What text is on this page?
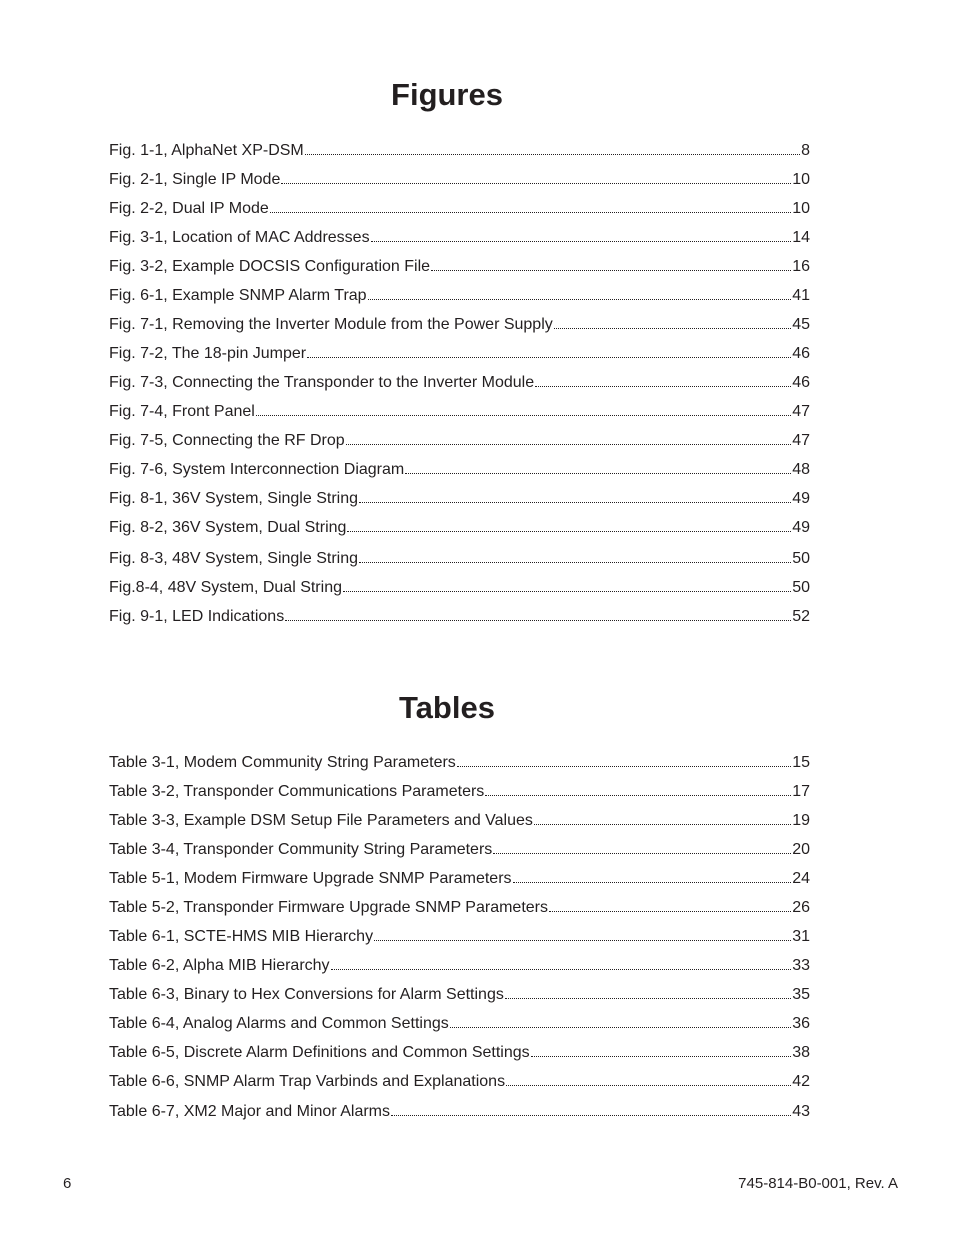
Figures
Fig. 1-1, AlphaNet XP-DSM	8
Fig. 2-1, Single IP Mode	10
Fig. 2-2, Dual IP Mode	10
Fig. 3-1, Location of MAC Addresses	14
Fig. 3-2, Example DOCSIS Configuration File	16
Fig. 6-1, Example SNMP Alarm Trap	41
Fig. 7-1, Removing the Inverter Module from the Power Supply	45
Fig. 7-2, The 18-pin Jumper	46
Fig. 7-3, Connecting the Transponder to the Inverter Module	46
Fig. 7-4, Front Panel	47
Fig. 7-5, Connecting the RF Drop	47
Fig. 7-6, System Interconnection Diagram	48
Fig. 8-1, 36V System, Single String	49
Fig. 8-2, 36V System, Dual String	49
Fig. 8-3, 48V System, Single String	50
Fig.8-4, 48V System, Dual String	50
Fig. 9-1, LED Indications	52
Tables
Table 3-1, Modem Community String Parameters	15
Table 3-2, Transponder Communications Parameters	17
Table 3-3, Example DSM Setup File Parameters and Values	19
Table 3-4, Transponder Community String Parameters	20
Table 5-1, Modem Firmware Upgrade SNMP Parameters	24
Table 5-2, Transponder Firmware Upgrade SNMP Parameters	26
Table 6-1, SCTE-HMS MIB Hierarchy	31
Table 6-2, Alpha MIB Hierarchy	33
Table 6-3, Binary to Hex Conversions for Alarm Settings	35
Table 6-4, Analog Alarms and Common Settings	36
Table 6-5, Discrete Alarm Definitions and Common Settings	38
Table 6-6, SNMP Alarm Trap Varbinds and Explanations	42
Table 6-7, XM2 Major and Minor Alarms	43
6	745-814-B0-001, Rev. A
